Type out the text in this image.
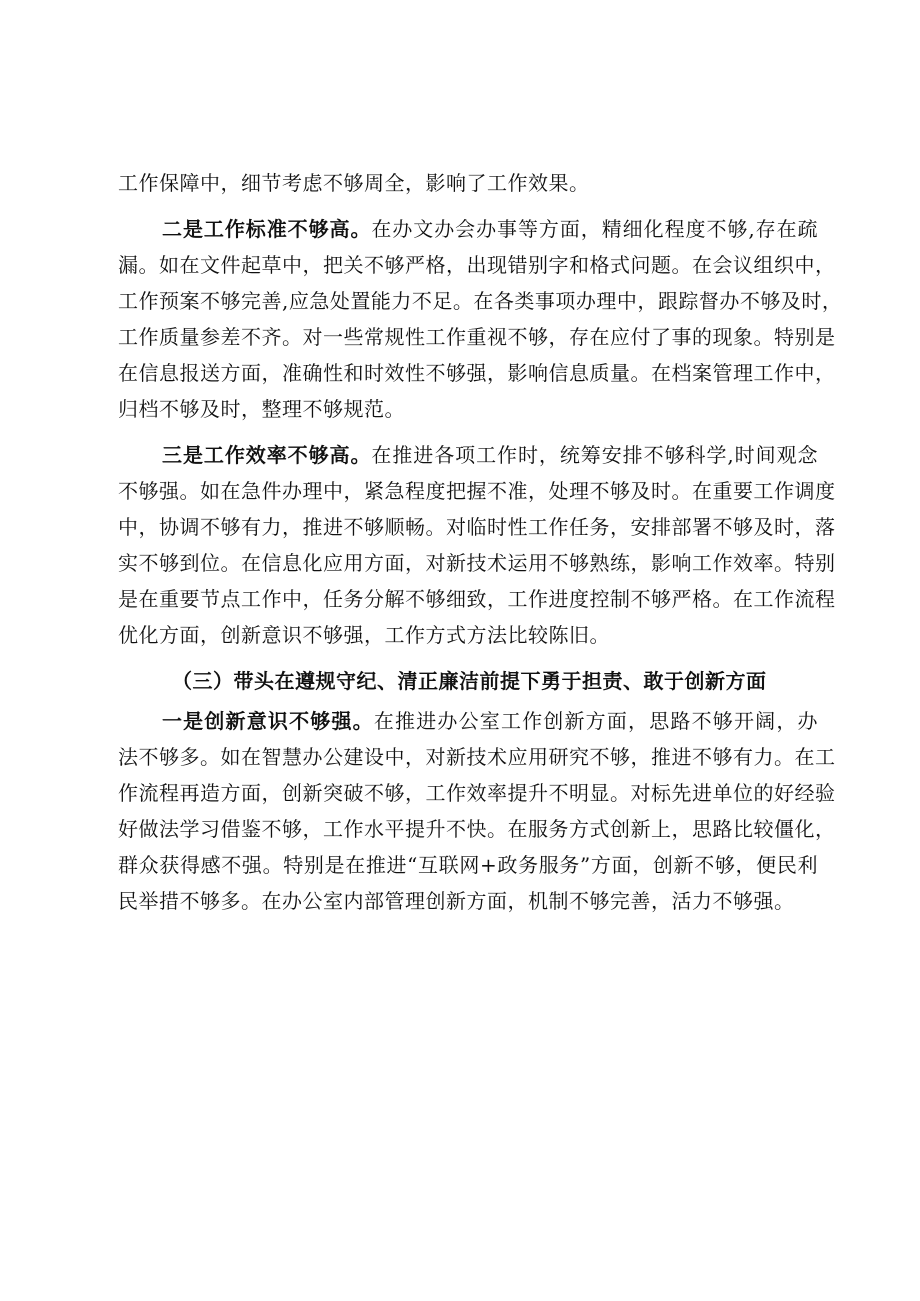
工作保障中，细节考虑不够周全，影响了工作效果。

二是工作标准不够高。在办文办会办事等方面，精细化程度不够,存在疏

漏。如在文件起草中，把关不够严格，出现错别字和格式问题。在会议组织中，

工作预案不够完善,应急处置能力不足。在各类事项办理中，跟踪督办不够及时，

工作质量参差不齐。对一些常规性工作重视不够，存在应付了事的现象。特别是

在信息报送方面，准确性和时效性不够强，影响信息质量。在档案管理工作中，

归档不够及时，整理不够规范。

三是工作效率不够高。在推进各项工作时，统筹安排不够科学,时间观念

不够强。如在急件办理中，紧急程度把握不准，处理不够及时。在重要工作调度

中，协调不够有力，推进不够顺畅。对临时性工作任务，安排部署不够及时，落

实不够到位。在信息化应用方面，对新技术运用不够熟练，影响工作效率。特别

是在重要节点工作中，任务分解不够细致，工作进度控制不够严格。在工作流程

优化方面，创新意识不够强，工作方式方法比较陈旧。

（三）带头在遵规守纪、清正廉洁前提下勇于担责、敢于创新方面

一是创新意识不够强。在推进办公室工作创新方面，思路不够开阔，办

法不够多。如在智慧办公建设中，对新技术应用研究不够，推进不够有力。在工

作流程再造方面，创新突破不够，工作效率提升不明显。对标先进单位的好经验

好做法学习借鉴不够，工作水平提升不快。在服务方式创新上，思路比较僵化，

群众获得感不强。特别是在推进“互联网+政务服务”方面，创新不够，便民利

民举措不够多。在办公室内部管理创新方面，机制不够完善，活力不够强。
